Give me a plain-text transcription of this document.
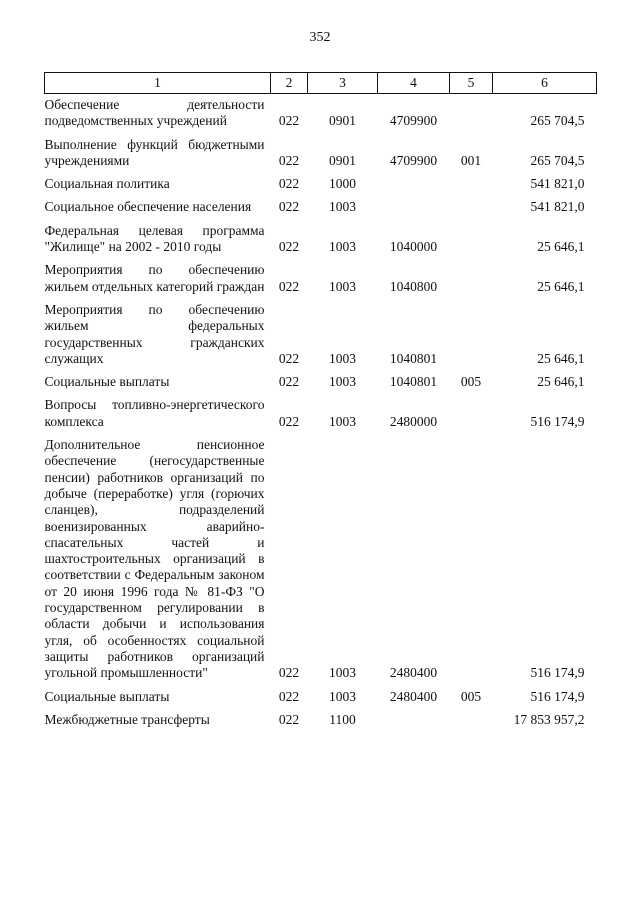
352
1	2	3	4	5	6

Обеспечение деятельности подведомственных учреждений	022	0901	4709900		265 704,5

Выполнение функций бюджетными учреждениями	022	0901	4709900	001	265 704,5

Социальная политика	022	1000			541 821,0

Социальное обеспечение населения	022	1003			541 821,0

Федеральная целевая программа "Жилище" на 2002 - 2010 годы	022	1003	1040000		25 646,1

Мероприятия по обеспечению жильем отдельных категорий граждан	022	1003	1040800		25 646,1

Мероприятия по обеспечению жильем федеральных государственных гражданских служащих	022	1003	1040801		25 646,1

Социальные выплаты	022	1003	1040801	005	25 646,1

Вопросы топливно-энергетического комплекса	022	1003	2480000		516 174,9

Дополнительное пенсионное обеспечение (негосударственные пенсии) работников организаций по добыче (переработке) угля (горючих сланцев), подразделений военизированных аварийно-спасательных частей и шахтостроительных организаций в соответствии с Федеральным законом от 20 июня 1996 года № 81-ФЗ "О государственном регулировании в области добычи и использования угля, об особенностях социальной защиты работников организаций угольной промышленности"	022	1003	2480400		516 174,9

Социальные выплаты	022	1003	2480400	005	516 174,9

Межбюджетные трансферты	022	1100			17 853 957,2
